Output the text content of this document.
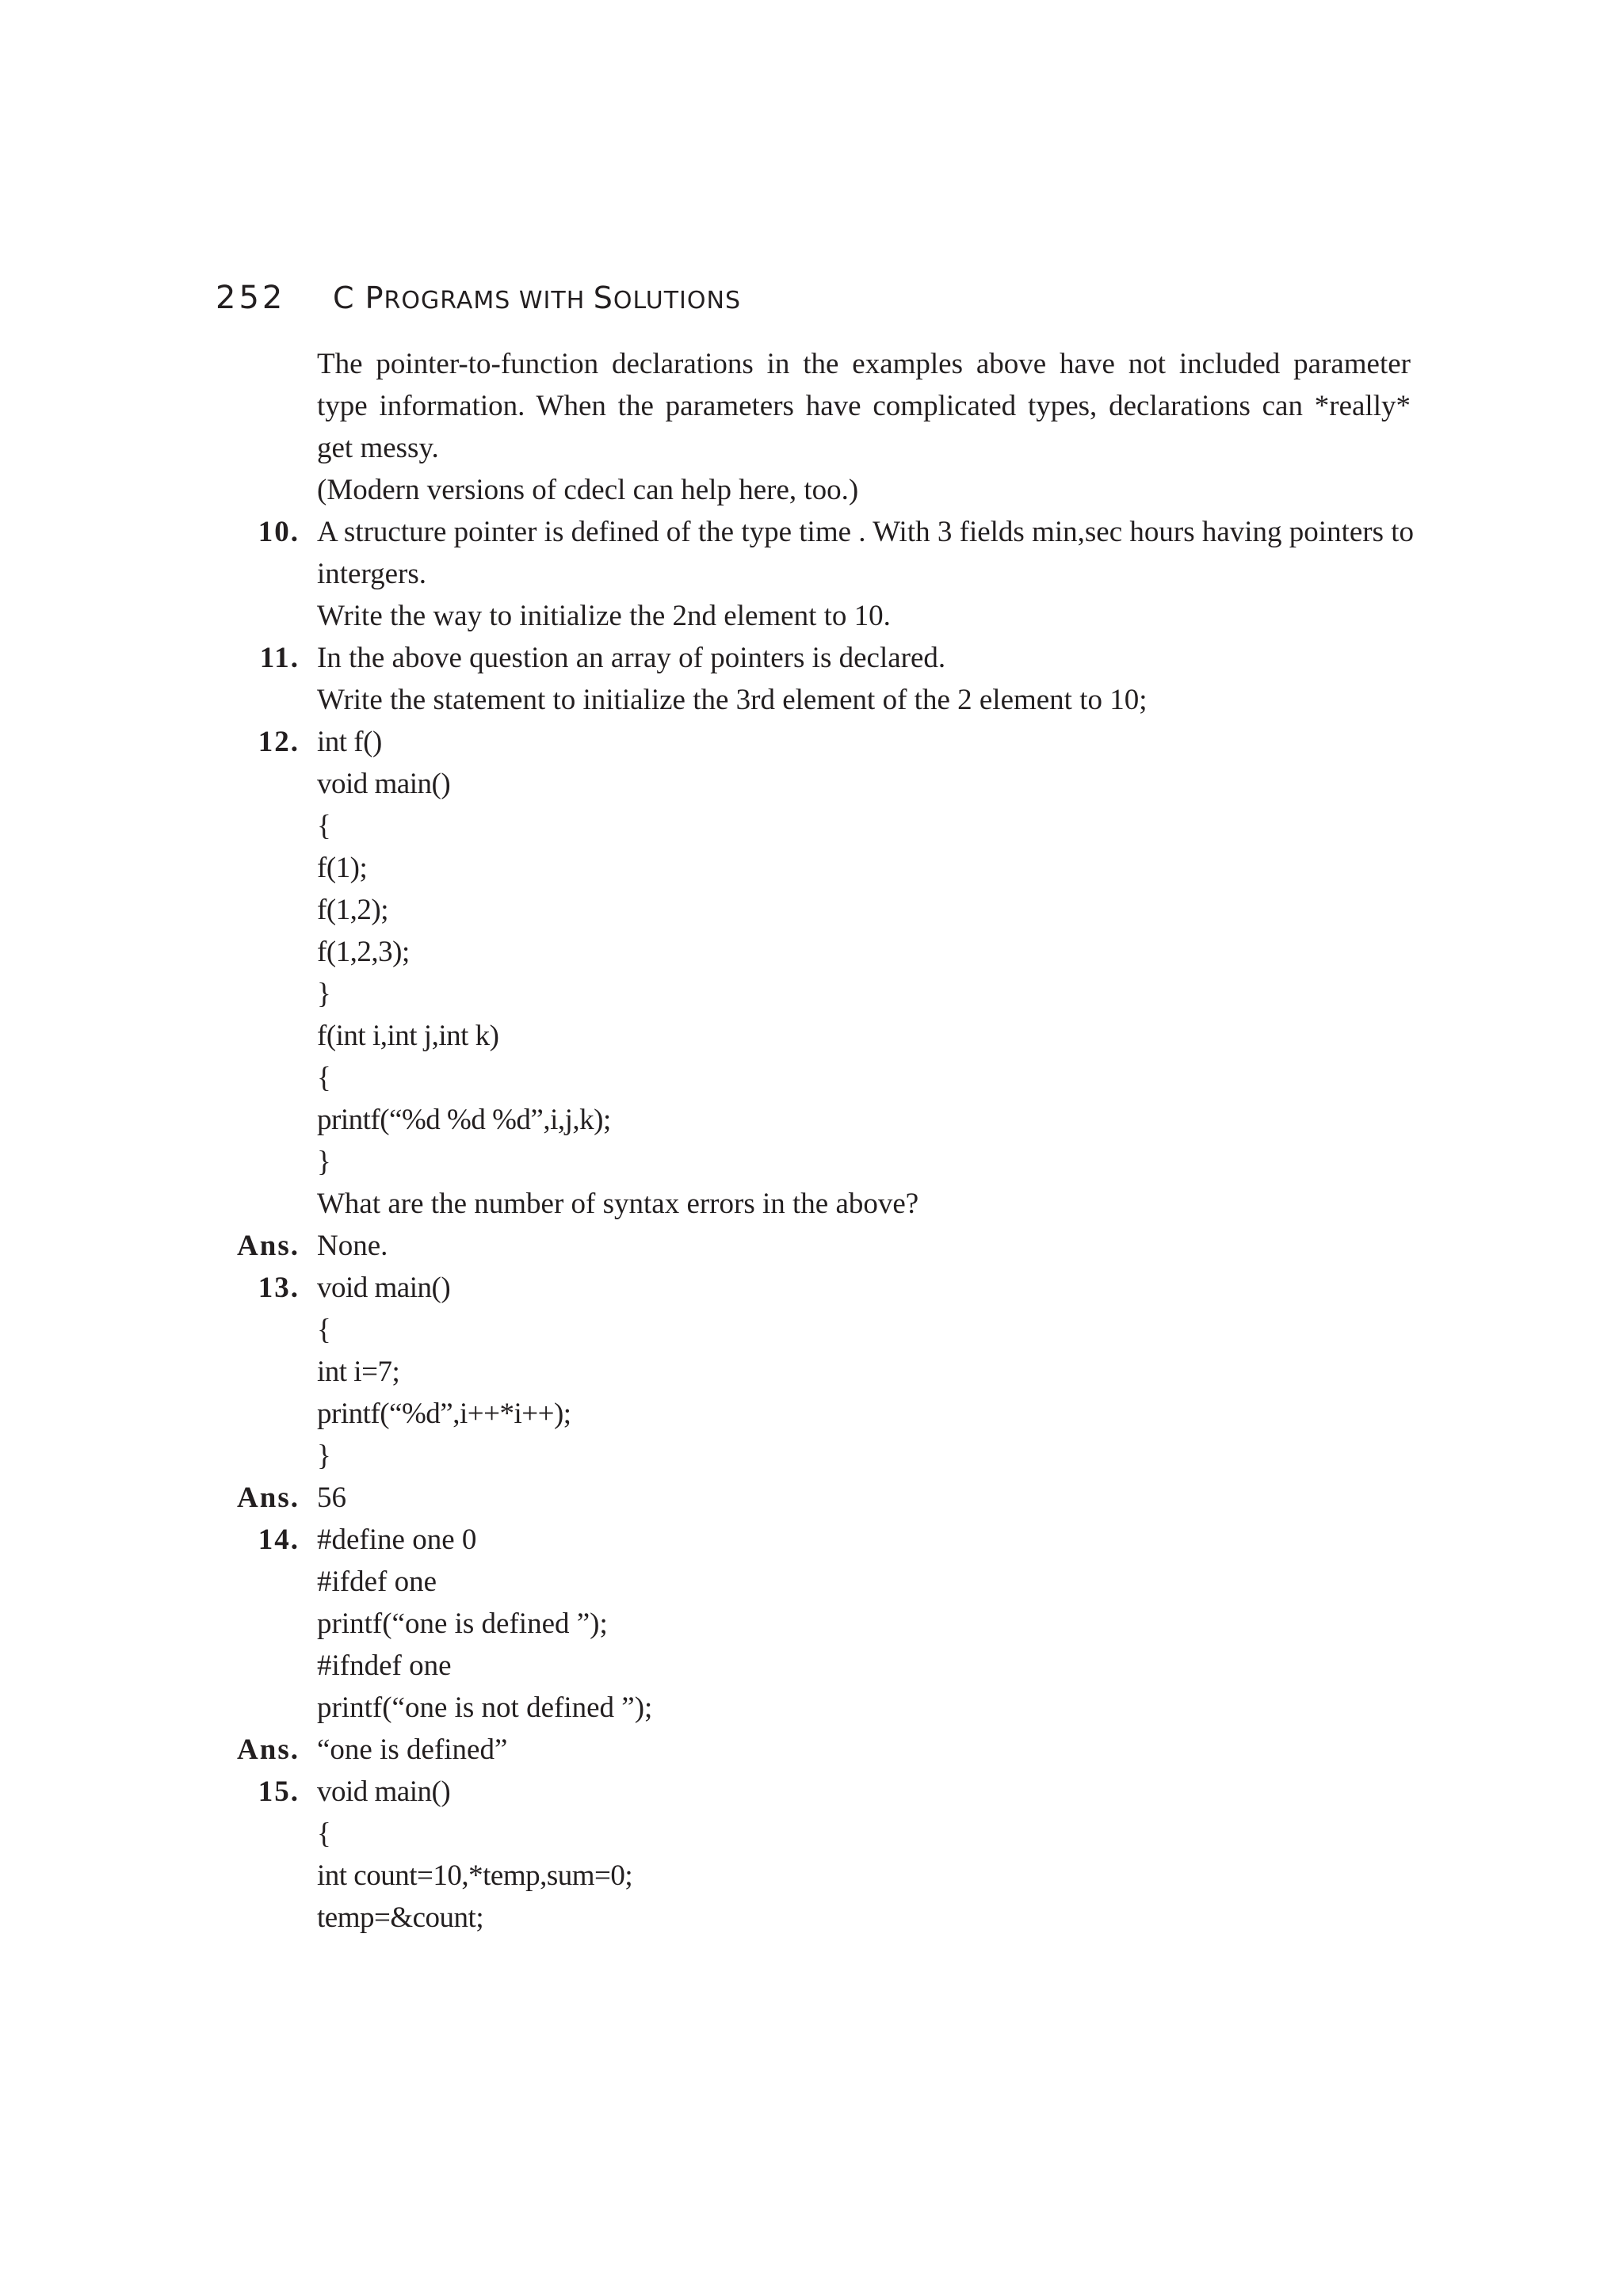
252	C PROGRAMS WITH SOLUTIONS
The pointer-to-function declarations in the examples above have not included parameter
type information. When the parameters have complicated types, declarations can *really*
get messy.
(Modern versions of cdecl can help here, too.)
10. A structure pointer is defined of the type time . With 3 fields min,sec hours having pointers to
intergers.
Write the way to initialize the 2nd element to 10.
11. In the above question an array of pointers is declared.
Write the statement to initialize the 3rd element of the 2 element to 10;
12. int f()
void main()
{
f(1);
f(1,2);
f(1,2,3);
}
f(int i,int j,int k)
{
printf(“%d %d %d”,i,j,k);
}
What are the number of syntax errors in the above?
Ans. None.
13. void main()
{
int i=7;
printf(“%d”,i++*i++);
}
Ans. 56
14. #define one 0
#ifdef one
printf(“one is defined ”);
#ifndef one
printf(“one is not defined ”);
Ans. “one is defined”
15. void main()
{
int count=10,*temp,sum=0;
temp=&count;
